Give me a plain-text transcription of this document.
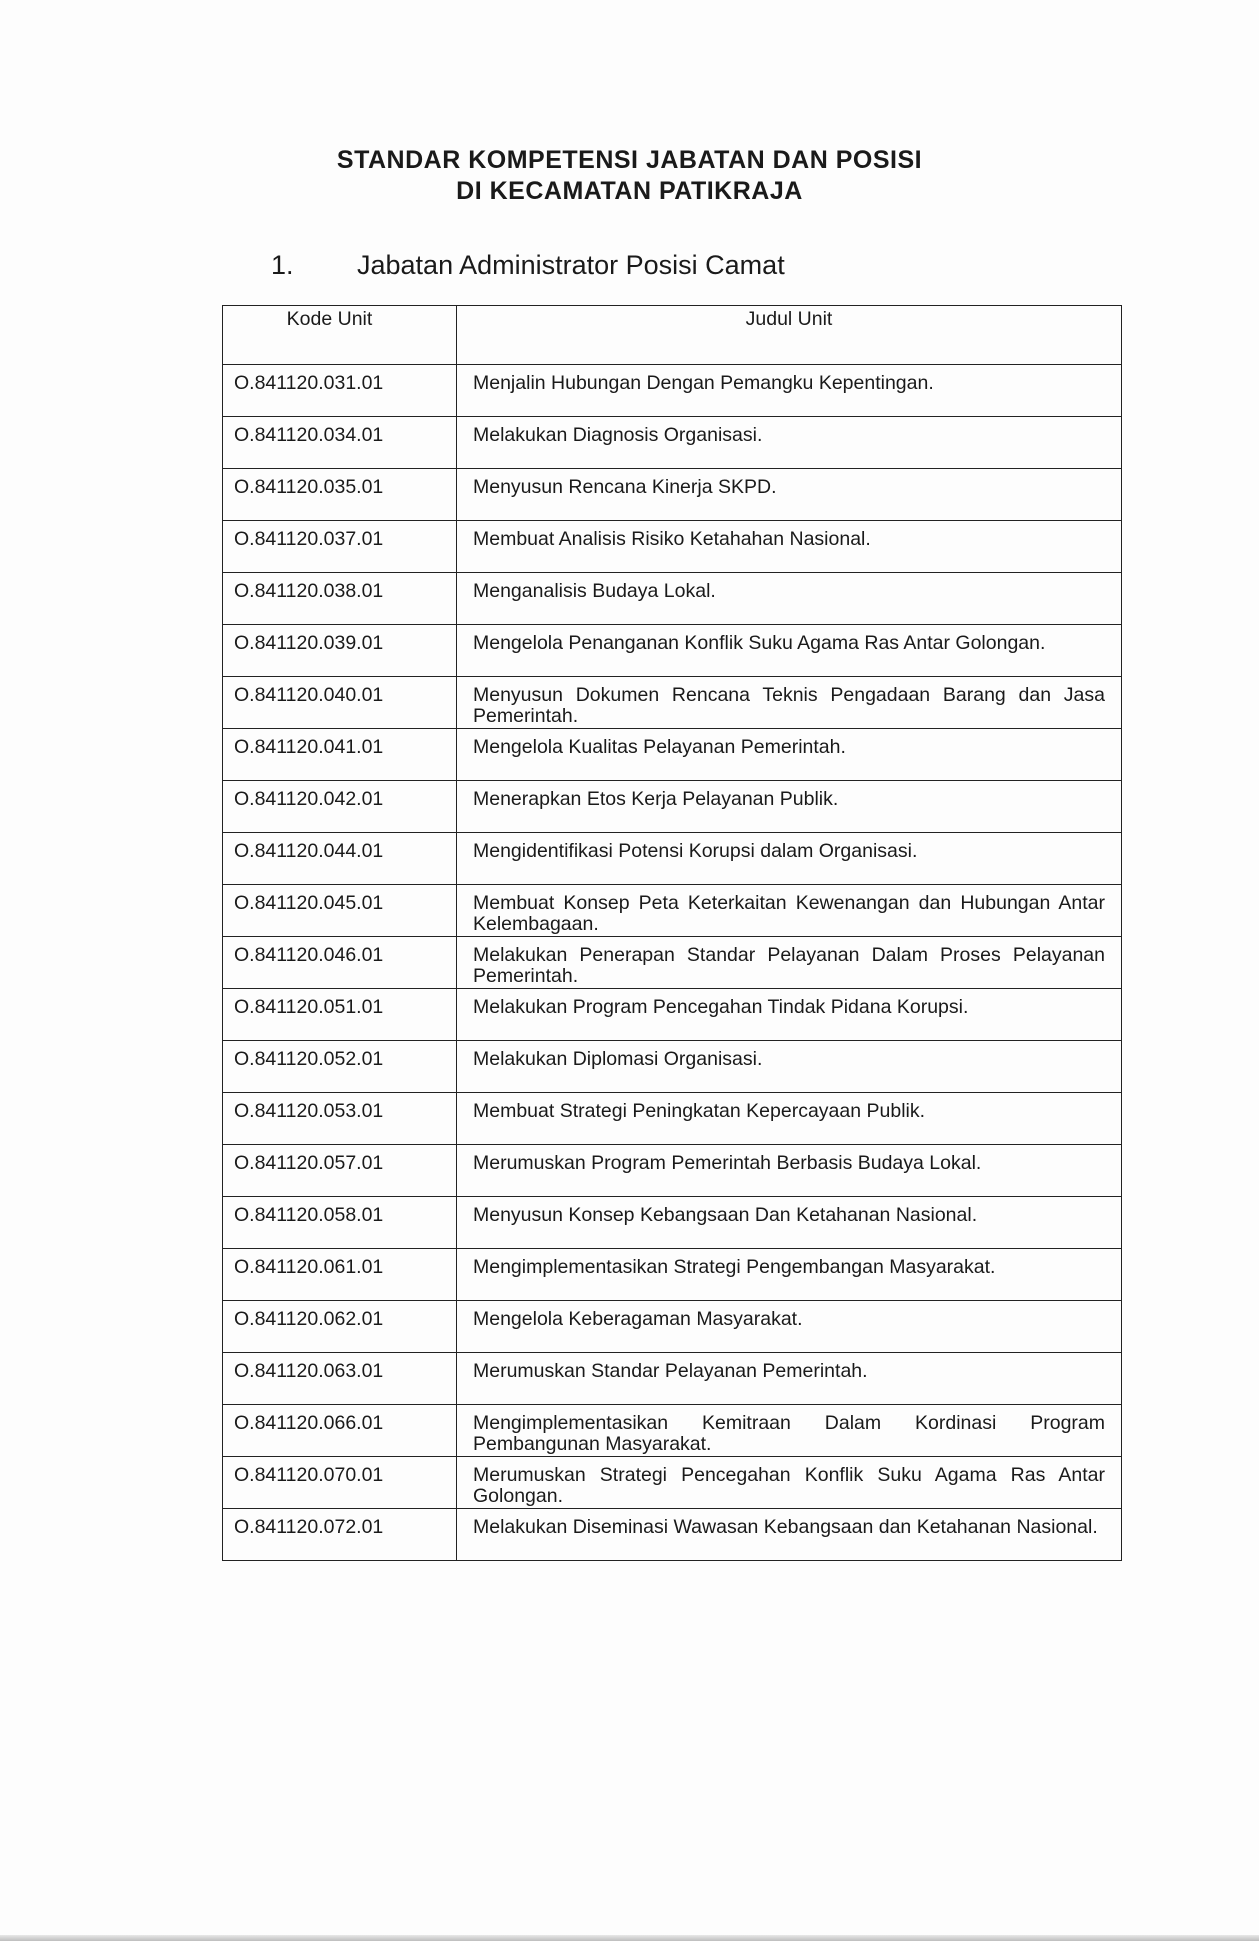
STANDAR KOMPETENSI JABATAN DAN POSISI
DI KECAMATAN PATIKRAJA
1. Jabatan Administrator Posisi Camat
Kode Unit	Judul Unit

O.841120.031.01	Menjalin Hubungan Dengan Pemangku Kepentingan.
O.841120.034.01	Melakukan Diagnosis Organisasi.
O.841120.035.01	Menyusun Rencana Kinerja SKPD.
O.841120.037.01	Membuat Analisis Risiko Ketahahan Nasional.
O.841120.038.01	Menganalisis Budaya Lokal.
O.841120.039.01	Mengelola Penanganan Konflik Suku Agama Ras Antar Golongan.
O.841120.040.01	Menyusun Dokumen Rencana Teknis Pengadaan Barang dan Jasa Pemerintah.
O.841120.041.01	Mengelola Kualitas Pelayanan Pemerintah.
O.841120.042.01	Menerapkan Etos Kerja Pelayanan Publik.
O.841120.044.01	Mengidentifikasi Potensi Korupsi dalam Organisasi.
O.841120.045.01	Membuat Konsep Peta Keterkaitan Kewenangan dan Hubungan Antar Kelembagaan.
O.841120.046.01	Melakukan Penerapan Standar Pelayanan Dalam Proses Pelayanan Pemerintah.
O.841120.051.01	Melakukan Program Pencegahan Tindak Pidana Korupsi.
O.841120.052.01	Melakukan Diplomasi Organisasi.
O.841120.053.01	Membuat Strategi Peningkatan Kepercayaan Publik.
O.841120.057.01	Merumuskan Program Pemerintah Berbasis Budaya Lokal.
O.841120.058.01	Menyusun Konsep Kebangsaan Dan Ketahanan Nasional.
O.841120.061.01	Mengimplementasikan Strategi Pengembangan Masyarakat.
O.841120.062.01	Mengelola Keberagaman Masyarakat.
O.841120.063.01	Merumuskan Standar Pelayanan Pemerintah.
O.841120.066.01	Mengimplementasikan Kemitraan Dalam Kordinasi Program Pembangunan Masyarakat.
O.841120.070.01	Merumuskan Strategi Pencegahan Konflik Suku Agama Ras Antar Golongan.
O.841120.072.01	Melakukan Diseminasi Wawasan Kebangsaan dan Ketahanan Nasional.
